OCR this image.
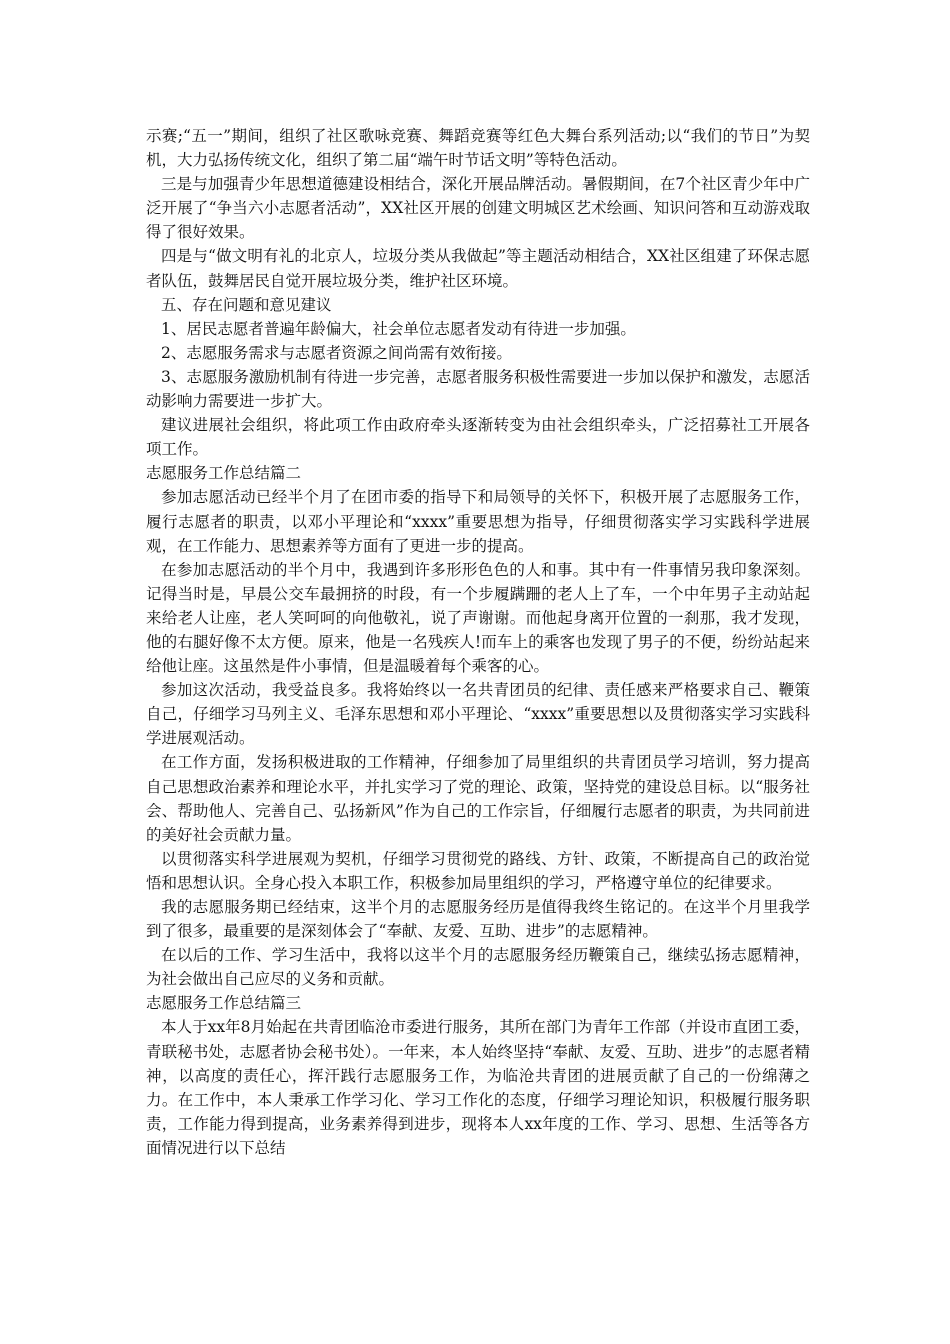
示赛;“五一”期间，组织了社区歌咏竞赛、舞蹈竞赛等红色大舞台系列活动;以“我们的节日”为契机，大力弘扬传统文化，组织了第二届“端午时节话文明”等特色活动。

三是与加强青少年思想道德建设相结合，深化开展品牌活动。暑假期间，在7个社区青少年中广泛开展了“争当六小志愿者活动”，XX社区开展的创建文明城区艺术绘画、知识问答和互动游戏取得了很好效果。

四是与“做文明有礼的北京人，垃圾分类从我做起”等主题活动相结合，XX社区组建了环保志愿者队伍，鼓舞居民自觉开展垃圾分类，维护社区环境。

五、存在问题和意见建议

1、居民志愿者普遍年龄偏大，社会单位志愿者发动有待进一步加强。

2、志愿服务需求与志愿者资源之间尚需有效衔接。

3、志愿服务激励机制有待进一步完善，志愿者服务积极性需要进一步加以保护和激发，志愿活动影响力需要进一步扩大。

建议进展社会组织，将此项工作由政府牵头逐渐转变为由社会组织牵头，广泛招募社工开展各项工作。

志愿服务工作总结篇二

参加志愿活动已经半个月了在团市委的指导下和局领导的关怀下，积极开展了志愿服务工作，履行志愿者的职责，以邓小平理论和“xxxx”重要思想为指导，仔细贯彻落实学习实践科学进展观，在工作能力、思想素养等方面有了更进一步的提高。

在参加志愿活动的半个月中，我遇到许多形形色色的人和事。其中有一件事情另我印象深刻。记得当时是，早晨公交车最拥挤的时段，有一个步履蹒跚的老人上了车，一个中年男子主动站起来给老人让座，老人笑呵呵的向他敬礼，说了声谢谢。而他起身离开位置的一刹那，我才发现，他的右腿好像不太方便。原来，他是一名残疾人!而车上的乘客也发现了男子的不便，纷纷站起来给他让座。这虽然是件小事情，但是温暖着每个乘客的心。

参加这次活动，我受益良多。我将始终以一名共青团员的纪律、责任感来严格要求自己、鞭策自己，仔细学习马列主义、毛泽东思想和邓小平理论、“xxxx”重要思想以及贯彻落实学习实践科学进展观活动。

在工作方面，发扬积极进取的工作精神，仔细参加了局里组织的共青团员学习培训，努力提高自己思想政治素养和理论水平，并扎实学习了党的理论、政策，坚持党的建设总目标。以“服务社会、帮助他人、完善自己、弘扬新风”作为自己的工作宗旨，仔细履行志愿者的职责，为共同前进的美好社会贡献力量。

以贯彻落实科学进展观为契机，仔细学习贯彻党的路线、方针、政策，不断提高自己的政治觉悟和思想认识。全身心投入本职工作，积极参加局里组织的学习，严格遵守单位的纪律要求。

我的志愿服务期已经结束，这半个月的志愿服务经历是值得我终生铭记的。在这半个月里我学到了很多，最重要的是深刻体会了“奉献、友爱、互助、进步”的志愿精神。

在以后的工作、学习生活中，我将以这半个月的志愿服务经历鞭策自己，继续弘扬志愿精神，为社会做出自己应尽的义务和贡献。

志愿服务工作总结篇三

本人于xx年8月始起在共青团临沧市委进行服务，其所在部门为青年工作部（并设市直团工委，青联秘书处，志愿者协会秘书处）。一年来，本人始终坚持“奉献、友爱、互助、进步”的志愿者精神，以高度的责任心，挥汗践行志愿服务工作，为临沧共青团的进展贡献了自己的一份绵薄之力。在工作中，本人秉承工作学习化、学习工作化的态度，仔细学习理论知识，积极履行服务职责，工作能力得到提高，业务素养得到进步，现将本人xx年度的工作、学习、思想、生活等各方面情况进行以下总结
